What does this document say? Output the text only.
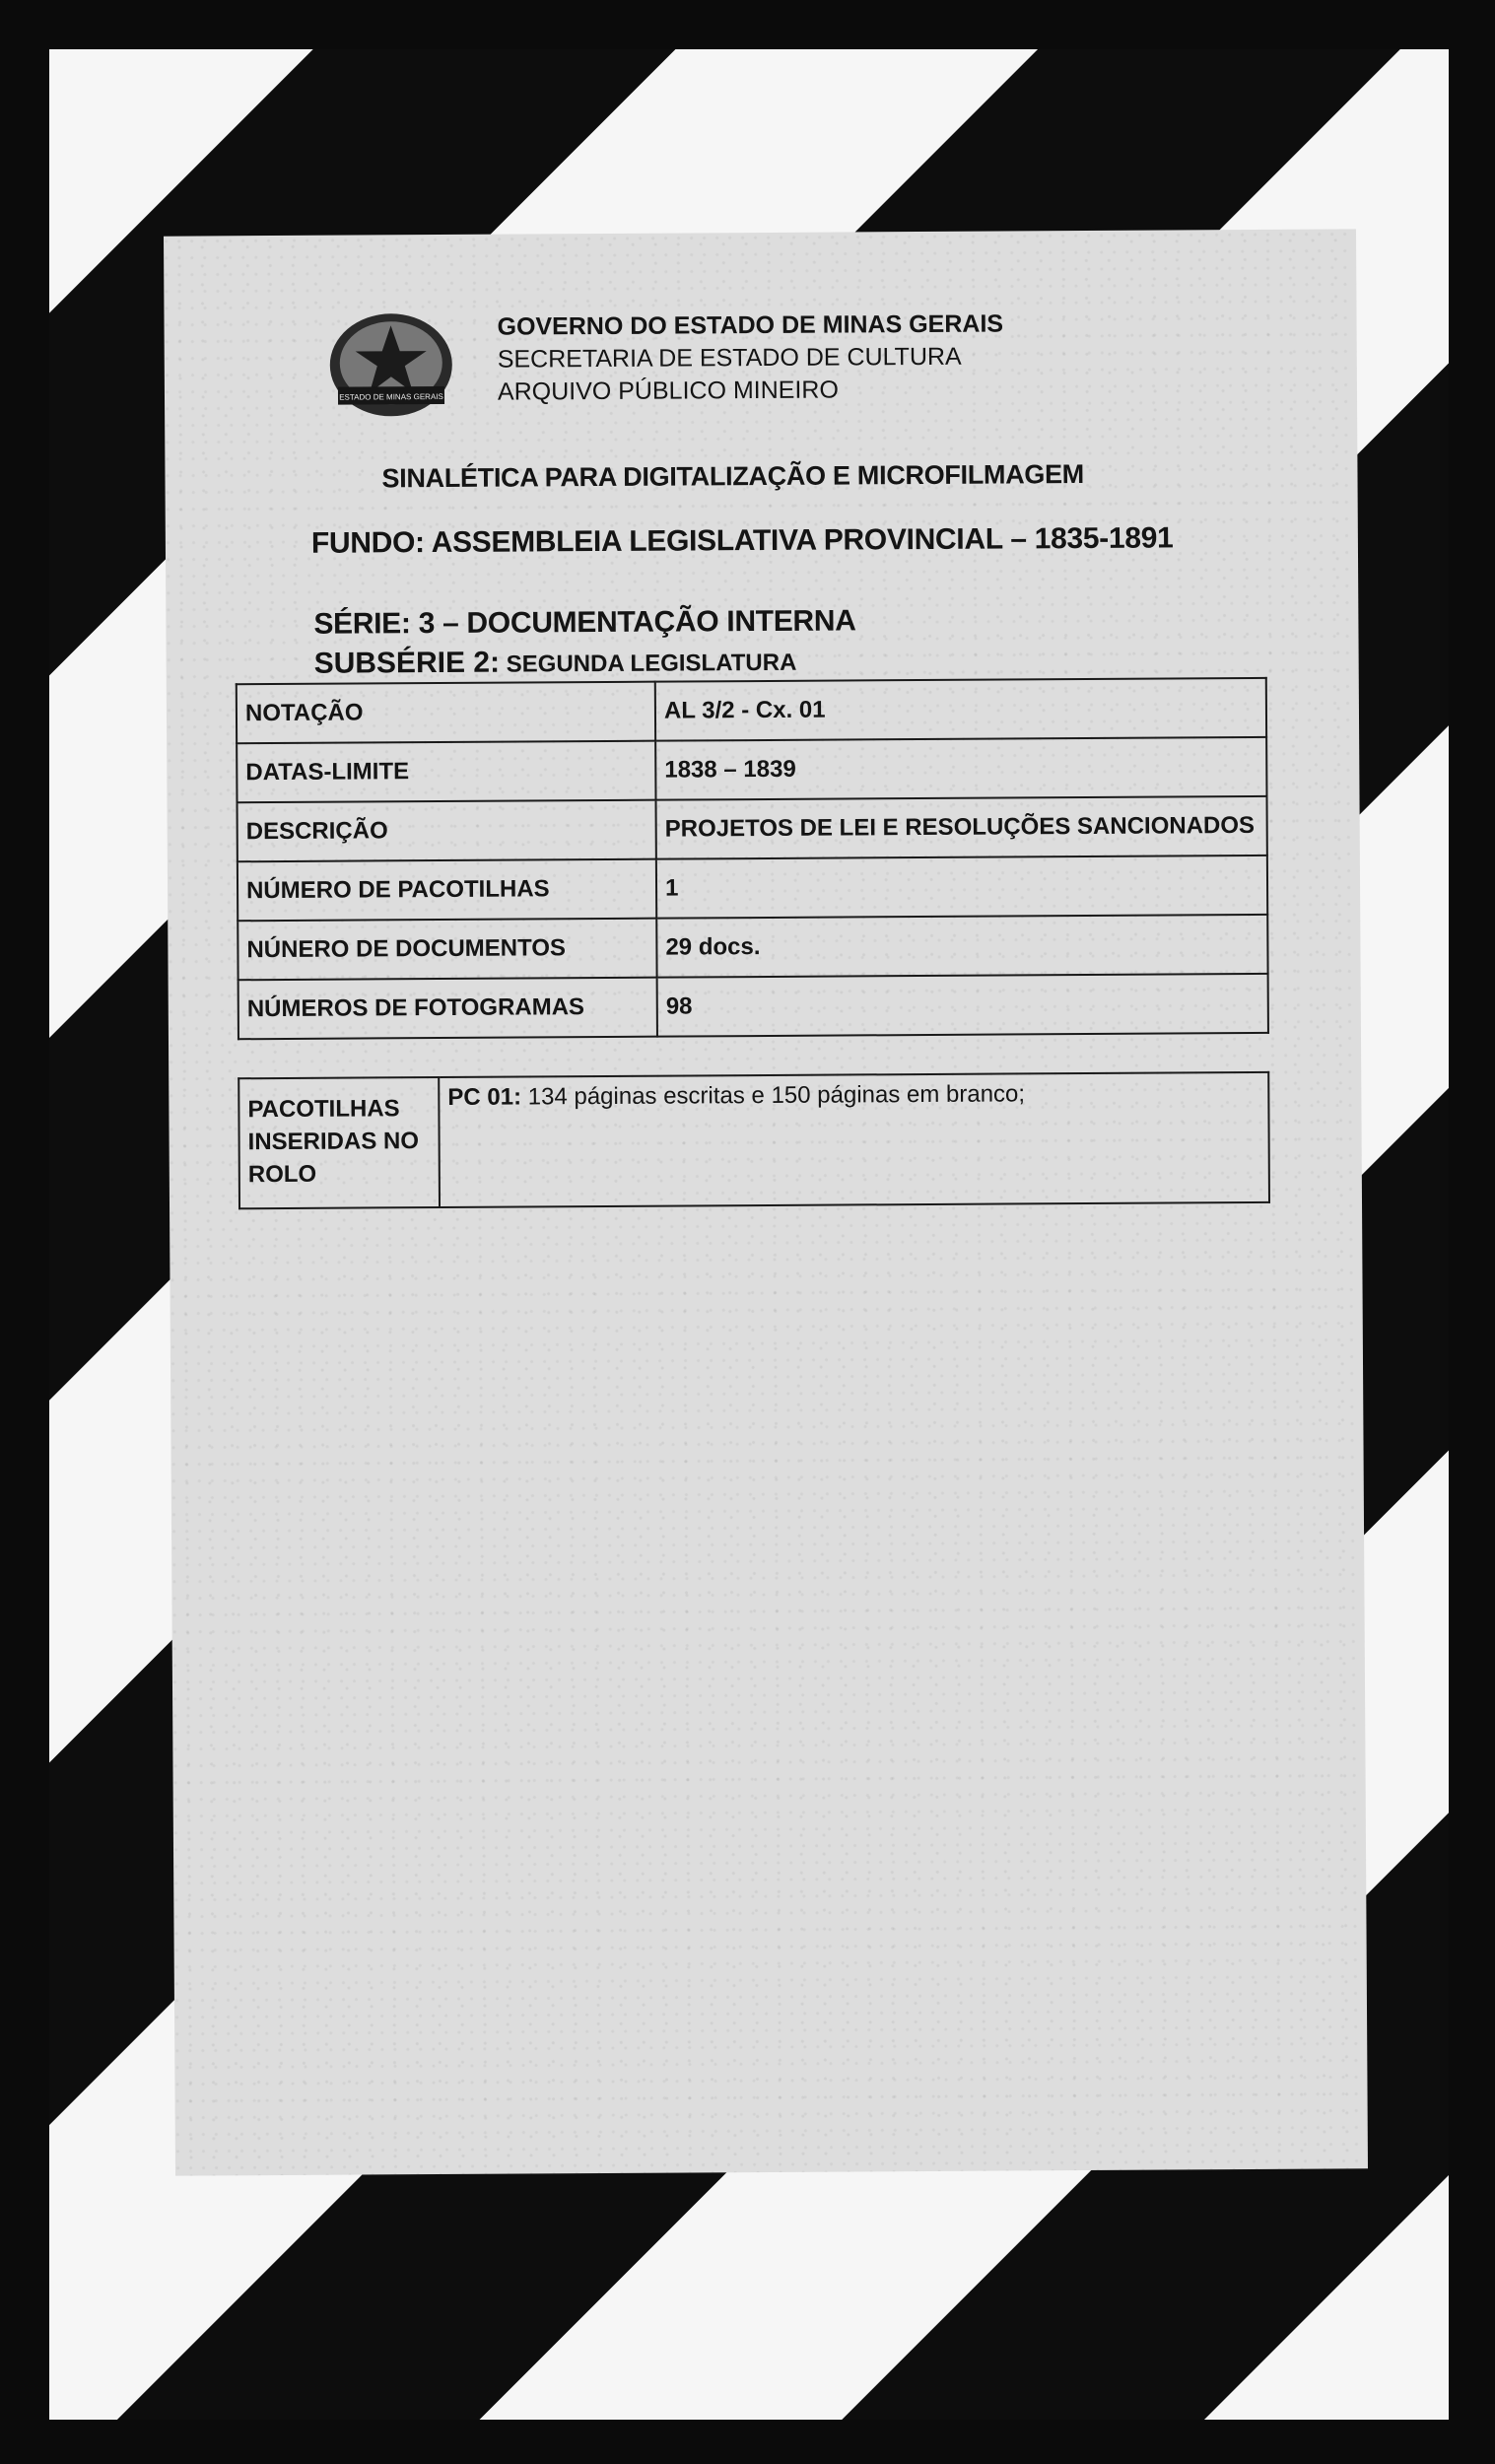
ESTADO DE MINAS GERAIS
GOVERNO DO ESTADO DE MINAS GERAIS
SECRETARIA DE ESTADO DE CULTURA
ARQUIVO PÚBLICO MINEIRO
SINALÉTICA PARA DIGITALIZAÇÃO E MICROFILMAGEM
FUNDO: ASSEMBLEIA LEGISLATIVA PROVINCIAL – 1835-1891
SÉRIE: 3 – DOCUMENTAÇÃO INTERNA
SUBSÉRIE 2: SEGUNDA LEGISLATURA
NOTAÇÃO	AL 3/2 - Cx. 01
DATAS-LIMITE	1838 – 1839
DESCRIÇÃO	PROJETOS DE LEI E RESOLUÇÕES SANCIONADOS
NÚMERO DE PACOTILHAS	1
NÚNERO DE DOCUMENTOS	29 docs.
NÚMEROS DE FOTOGRAMAS	98
PACOTILHAS
INSERIDAS NO
ROLO
	PC 01: 134 páginas escritas e 150 páginas em branco;
